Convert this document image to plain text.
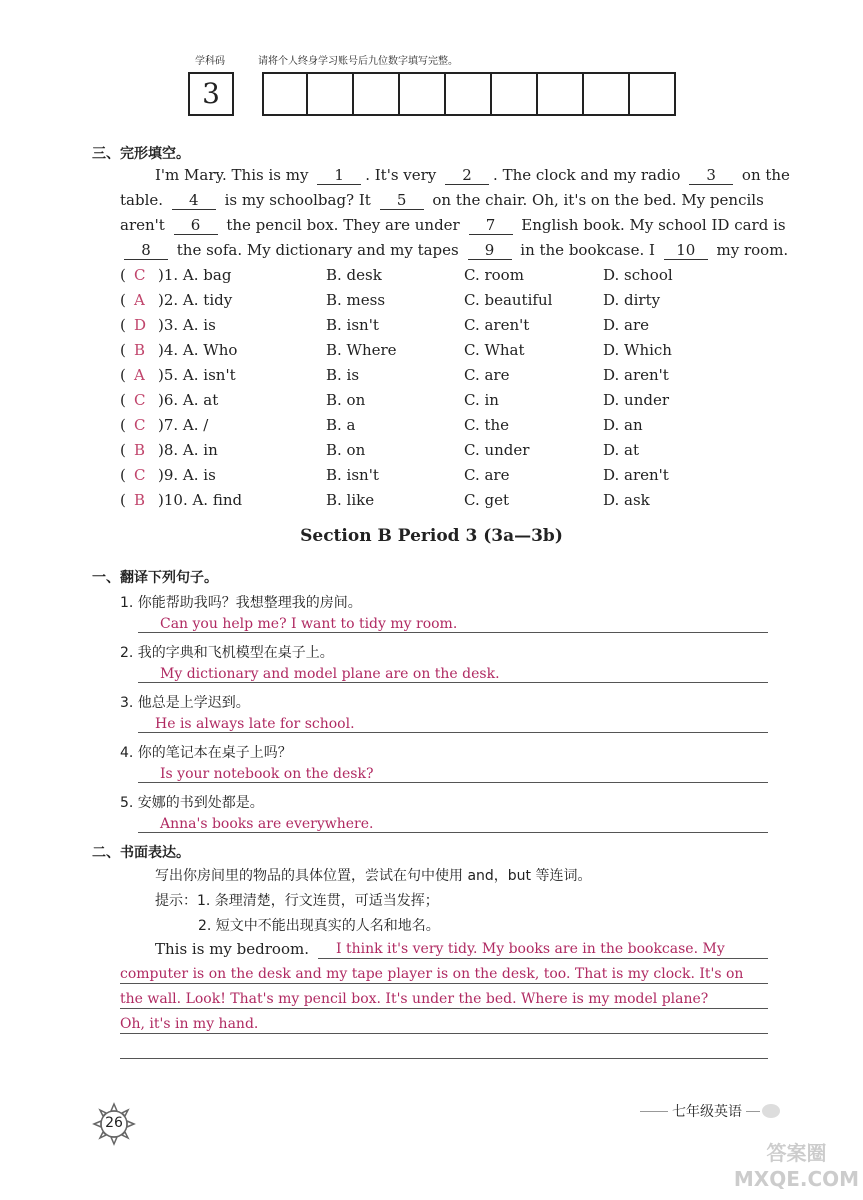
学科码	请将个人终身学习账号后九位数字填写完整。
3
三、完形填空。
I'm Mary. This is my 1 . It's very 2 . The clock and my radio 3 on the
table. 4 is my schoolbag? It 5 on the chair. Oh, it's on the bed. My pencils
aren't 6 the pencil box. They are under 7 English book. My school ID card is
8 the sofa. My dictionary and my tapes 9 in the bookcase. I 10 my room.
( C )1. A. bag	B. desk	C. room	D. school
( A )2. A. tidy	B. mess	C. beautiful	D. dirty
( D )3. A. is	B. isn't	C. aren't	D. are
( B )4. A. Who	B. Where	C. What	D. Which
( A )5. A. isn't	B. is	C. are	D. aren't
( C )6. A. at	B. on	C. in	D. under
( C )7. A. /	B. a	C. the	D. an
( B )8. A. in	B. on	C. under	D. at
( C )9. A. is	B. isn't	C. are	D. aren't
( B )10. A. find	B. like	C. get	D. ask
Section B Period 3 (3a—3b)
一、翻译下列句子。
1. 你能帮助我吗？我想整理我的房间。
Can you help me? I want to tidy my room.
2. 我的字典和飞机模型在桌子上。
My dictionary and model plane are on the desk.
3. 他总是上学迟到。
He is always late for school.
4. 你的笔记本在桌子上吗？
Is your notebook on the desk?
5. 安娜的书到处都是。
Anna's books are everywhere.
二、书面表达。
写出你房间里的物品的具体位置，尝试在句中使用 and，but 等连词。
提示：1. 条理清楚，行文连贯，可适当发挥；
2. 短文中不能出现真实的人名和地名。
This is my bedroom. I think it's very tidy. My books are in the bookcase. My
computer is on the desk and my tape player is on the desk, too. That is my clock. It's on
the wall. Look! That's my pencil box. It's under the bed. Where is my model plane?
Oh, it's in my hand.
26
七年级英语
答案圈 MXQE.COM
